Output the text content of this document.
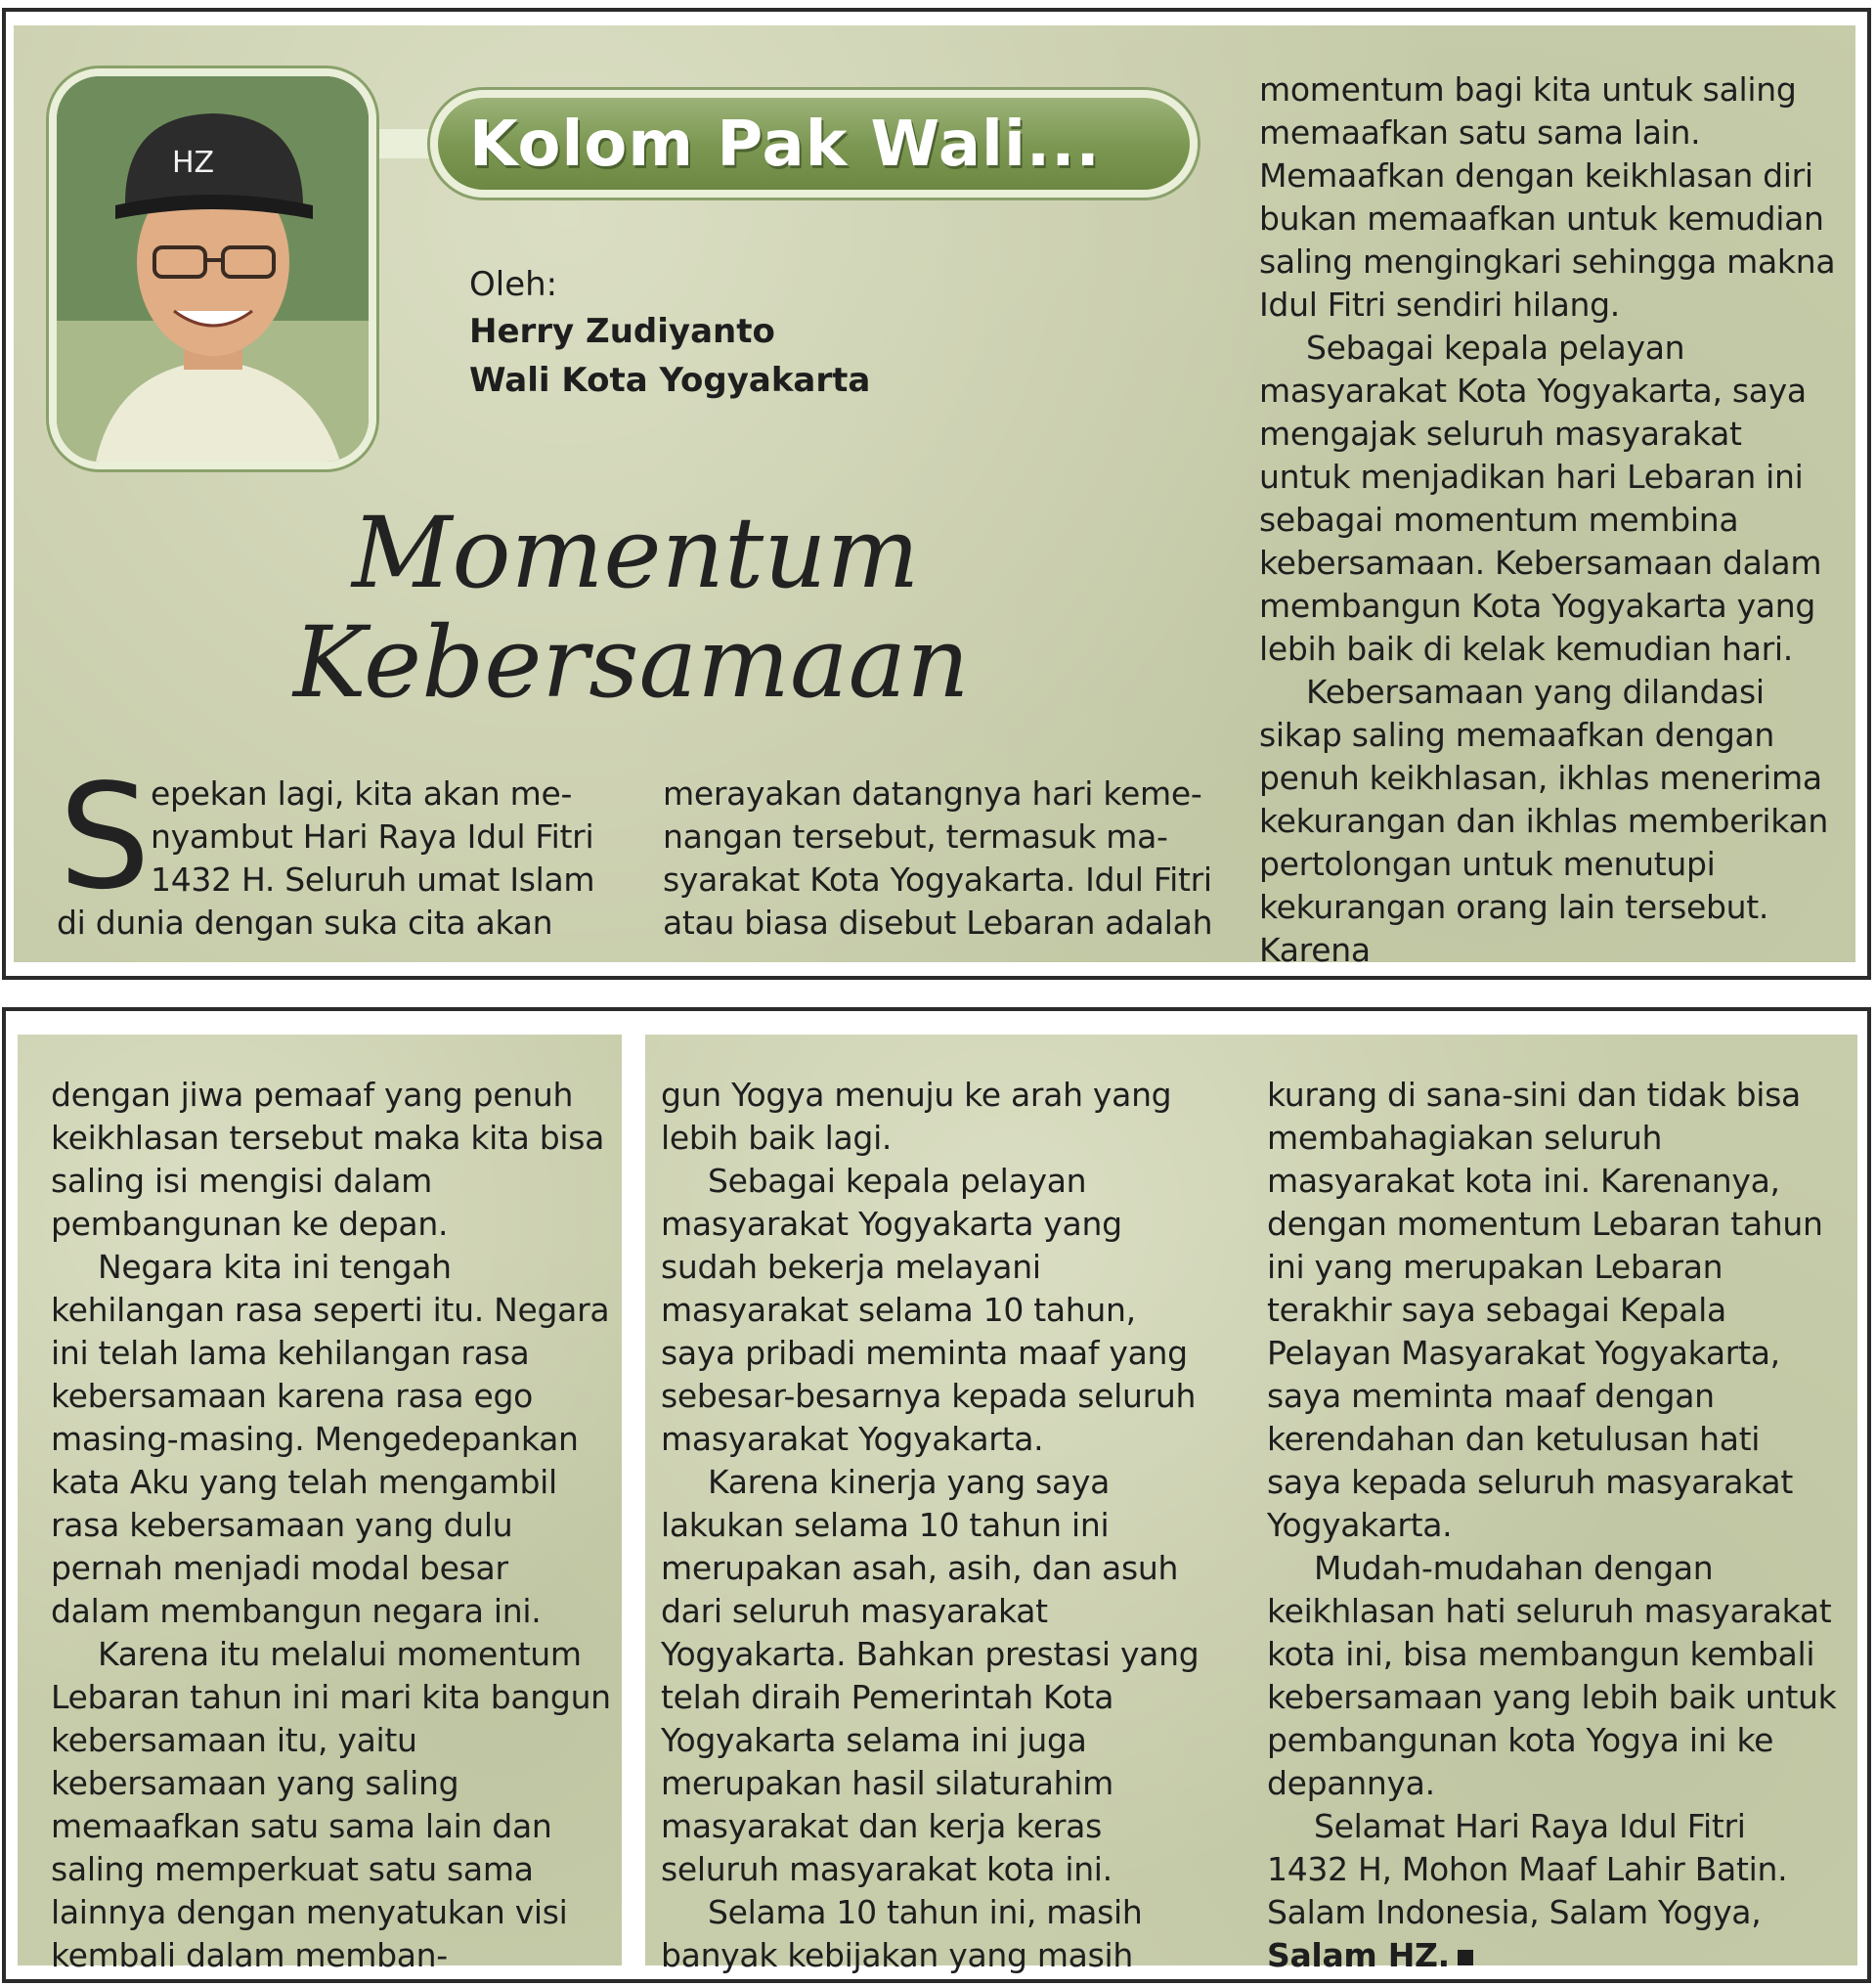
HZ	Kolom Pak Wali...
Oleh:
Herry Zudiyanto
Wali Kota Yogyakarta
Momentum
Kebersamaan
S epekan lagi, kita akan me-

nyambut Hari Raya Idul Fitri

1432 H. Seluruh umat Islam

di dunia dengan suka cita akan

merayakan datangnya hari keme-

nangan tersebut, termasuk ma-

syarakat Kota Yogyakarta. Idul Fitri

atau biasa disebut Lebaran adalah

momentum bagi kita untuk saling memaafkan satu sama lain. Memaafkan dengan keikhlasan diri bukan memaafkan untuk kemudian saling mengingkari sehingga makna Idul Fitri sendiri hilang.

Sebagai kepala pelayan masyarakat Kota Yogyakarta, saya mengajak seluruh masyarakat untuk menjadikan hari Lebaran ini sebagai momentum membina kebersamaan. Kebersamaan dalam membangun Kota Yogyakarta yang lebih baik di kelak kemudian hari.

Kebersamaan yang dilandasi sikap saling memaafkan dengan penuh keikhlasan, ikhlas menerima kekurangan dan ikhlas memberikan pertolongan untuk menutupi kekurangan orang lain tersebut. Karena

dengan jiwa pemaaf yang penuh keikhlasan tersebut maka kita bisa saling isi mengisi dalam pembangunan ke depan.

Negara kita ini tengah kehilangan rasa seperti itu. Negara ini telah lama kehilangan rasa kebersamaan karena rasa ego masing-masing. Mengedepankan kata Aku yang telah mengambil rasa kebersamaan yang dulu pernah menjadi modal besar dalam membangun negara ini.

Karena itu melalui momentum Lebaran tahun ini mari kita bangun kebersamaan itu, yaitu kebersamaan yang saling memaafkan satu sama lain dan saling memperkuat satu sama lainnya dengan menyatukan visi kembali dalam memban-

gun Yogya menuju ke arah yang lebih baik lagi.

Sebagai kepala pelayan masyarakat Yogyakarta yang sudah bekerja melayani masyarakat selama 10 tahun, saya pribadi meminta maaf yang sebesar-besarnya kepada seluruh masyarakat Yogyakarta.

Karena kinerja yang saya lakukan selama 10 tahun ini merupakan asah, asih, dan asuh dari seluruh masyarakat Yogyakarta. Bahkan prestasi yang telah diraih Pemerintah Kota Yogyakarta selama ini juga merupakan hasil silaturahim masyarakat dan kerja keras seluruh masyarakat kota ini.

Selama 10 tahun ini, masih banyak kebijakan yang masih

kurang di sana-sini dan tidak bisa membahagiakan seluruh masyarakat kota ini. Karenanya, dengan momentum Lebaran tahun ini yang merupakan Lebaran terakhir saya sebagai Kepala Pelayan Masyarakat Yogyakarta, saya meminta maaf dengan kerendahan dan ketulusan hati saya kepada seluruh masyarakat Yogyakarta.

Mudah-mudahan dengan keikhlasan hati seluruh masyarakat kota ini, bisa membangun kembali kebersamaan yang lebih baik untuk pembangunan kota Yogya ini ke depannya.

Selamat Hari Raya Idul Fitri

1432 H, Mohon Maaf Lahir Batin.

Salam Indonesia, Salam Yogya,

Salam HZ.
